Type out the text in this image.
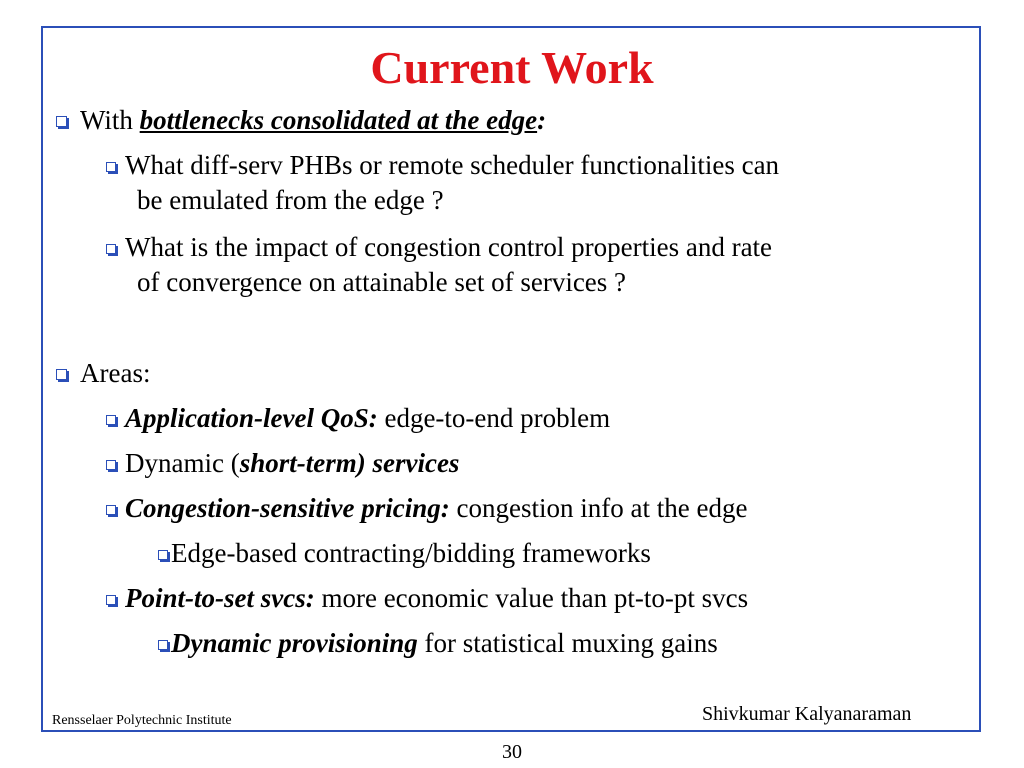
Current Work
With bottlenecks consolidated at the edge:
What diff-serv PHBs or remote scheduler functionalities can
be emulated from the edge ?
What is the impact of congestion control properties and rate
of convergence on attainable set of services ?
Areas:
Application-level QoS: edge-to-end problem
Dynamic (short-term) services
Congestion-sensitive pricing: congestion info at the edge
Edge-based contracting/bidding frameworks
Point-to-set svcs: more economic value than pt-to-pt svcs
Dynamic provisioning for statistical muxing gains
Rensselaer Polytechnic Institute	Shivkumar Kalyanaraman
30
